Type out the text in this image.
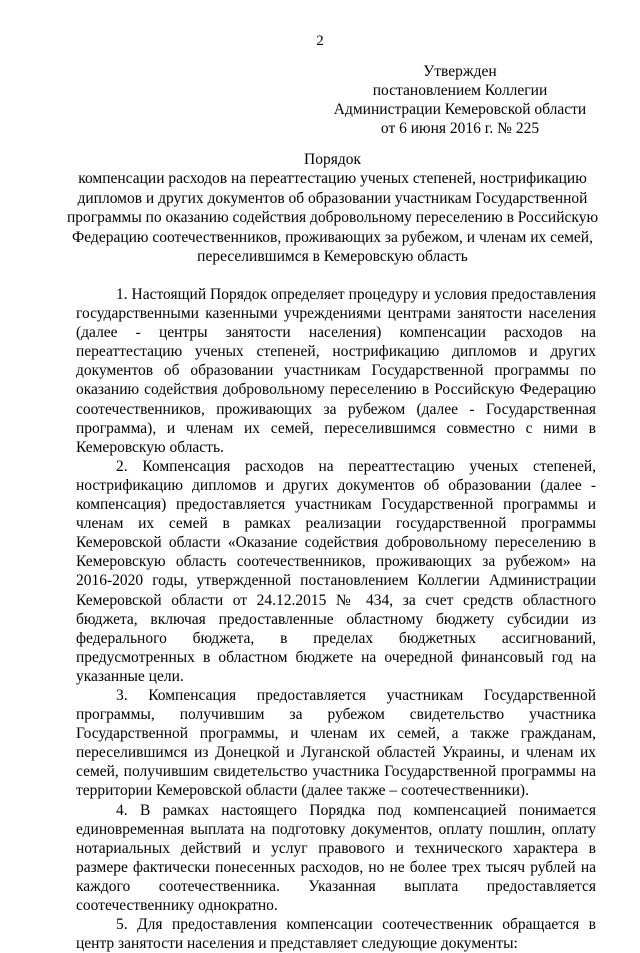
2
Утвержден
постановлением Коллегии
Администрации Кемеровской области
от 6 июня 2016 г. № 225
Порядок
компенсации расходов на переаттестацию ученых степеней, нострификацию
дипломов и других документов об образовании участникам Государственной
программы по оказанию содействия добровольному переселению в Российскую
Федерацию соотечественников, проживающих за рубежом, и членам их семей,
переселившимся в Кемеровскую область

1. Настоящий Порядок определяет процедуру и условия предоставления государственными казенными учреждениями центрами занятости населения (далее - центры занятости населения) компенсации расходов на переаттестацию ученых степеней, нострификацию дипломов и других документов об образовании участникам Государственной программы по оказанию содействия добровольному переселению в Российскую Федерацию соотечественников, проживающих за рубежом (далее - Государственная программа), и членам их семей, переселившимся совместно с ними в Кемеровскую область.

2. Компенсация расходов на переаттестацию ученых степеней, нострификацию дипломов и других документов об образовании (далее - компенсация) предоставляется участникам Государственной программы и членам их семей в рамках реализации государственной программы Кемеровской области «Оказание содействия добровольному переселению в Кемеровскую область соотечественников, проживающих за рубежом» на 2016-2020 годы, утвержденной постановлением Коллегии Администрации Кемеровской области от 24.12.2015 № 434, за счет средств областного бюджета, включая предоставленные областному бюджету субсидии из федерального бюджета, в пределах бюджетных ассигнований, предусмотренных в областном бюджете на очередной финансовый год на указанные цели.

3. Компенсация предоставляется участникам Государственной программы, получившим за рубежом свидетельство участника Государственной программы, и членам их семей, а также гражданам, переселившимся из Донецкой и Луганской областей Украины, и членам их семей, получившим свидетельство участника Государственной программы на территории Кемеровской области (далее также – соотечественники).

4. В рамках настоящего Порядка под компенсацией понимается единовременная выплата на подготовку документов, оплату пошлин, оплату нотариальных действий и услуг правового и технического характера в размере фактически понесенных расходов, но не более трех тысяч рублей на каждого соотечественника. Указанная выплата предоставляется соотечественнику однократно.

5. Для предоставления компенсации соотечественник обращается в центр занятости населения и представляет следующие документы:
